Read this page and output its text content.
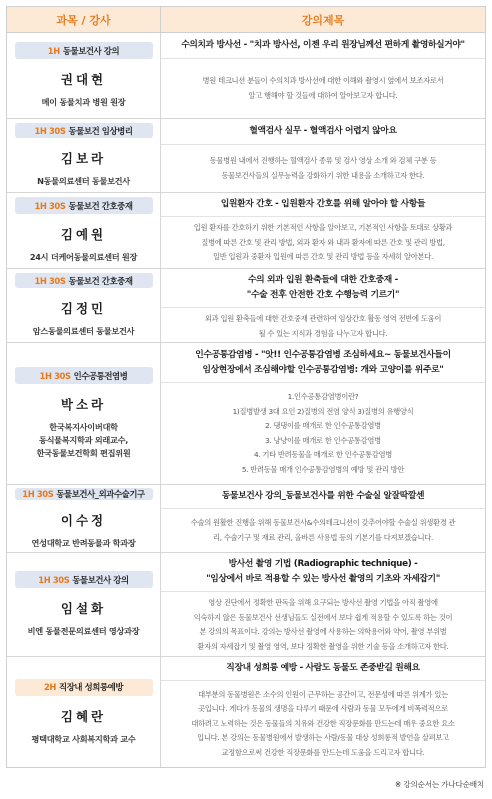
과목 / 강사	강의제목
1H 동물보건사 강의
권대현
메이 동물치과 병원 원장
수의치과 방사선 - "치과 방사선, 이젠 우리 원장님께선 편하게 촬영하실거야"
병원 테크니션 분들이 수의치과 방사선에 대한 이해와 촬영시 옆에서 보조자로서
알고 행해야 할 것들에 대하여 알아보고자 합니다.
1H 30S 동물보건 임상병리
김보라
N동물의료센터 동물보건사
혈액검사 실무 - 혈액검사 어렵지 않아요
동물병원 내에서 진행하는 혈액검사 종류 및 검사 영상 소개 와 검체 구분 등
동물보건사들의 실무능력을 강화하기 위한 내용을 소개하고자 한다.
1H 30S 동물보건 간호중재
김예원
24시 더케어동물의료센터 원장
입원환자 간호 - 입원환자 간호를 위해 알아야 할 사항들
입원 환자를 간호하기 위한 기본적인 사항을 알아보고, 기본적인 사항을 토대로 상황과
질병에 따른 간호 및 관리 방법, 외과 환자 와 내과 환자에 따른 간호 및 관리 방법,
일반 입원과 중환자 입원에 따른 간호 및 관리 방법 등을 자세히 알아본다.
1H 30S 동물보건 간호중재
김정민
암스동물의료센터 동물보건사
수의 외과 입원 환축들에 대한 간호중재 -
"수술 전후 안전한 간호 수행능력 기르기"
외과 입원 환축들에 대한 간호중재 관련하여 임상간호 활동 영역 전반에 도움이
될 수 있는 지식과 경험을 나누고자 합니다.
1H 30S 인수공통전염병
박소라
한국복지사이버대학
동식물복지학과 외래교수,
한국동물보건학회 편집위원
인수공통감염병 - "앗!! 인수공통감염병 조심하세요~ 동물보건사들이
임상현장에서 조심해야할 인수공통감염병: 개와 고양이를 위주로"
1.인수공통감염병이란?
1)질병발생 3대 요인 2)질병의 전염 양식 3)질병의 유행양식
2. 댕댕이를 매개로 한 인수공통감염병
3. 냥냥이를 매개로 한 인수공통감염병
4. 기타 반려동물을 매개로 한 인수공통감염병
5. 반려동물 매개 인수공통감염병의 예방 및 관리 방안
1H 30S 동물보건사_외과수술기구
이수정
연성대학교 반려동물과 학과장
동물보건사 강의_동물보건사를 위한 수술실 알잘딱깔센
수술의 원활한 진행을 위해 동물보건사&수의테크니션이 갖추어야할 수술실 위생환경 관
리, 수술기구 및 재료 관리, 올바른 사용법 등의 기본기를 다져보겠습니다.
1H 30S 동물보건사 강의
임설화
비엔 동물전문의료센터 영상과장
방사선 촬영 기법 (Radiographic technique) -
"임상에서 바로 적용할 수 있는 방사선 촬영의 기초와 자세잡기"
영상 진단에서 정확한 판독을 위해 요구되는 방사선 촬영 기법을 아직 촬영에
익숙하지 않은 동물보건사 선생님들도 실전에서 보다 쉽게 적용할 수 있도록 하는 것이
본 강의의 목표이다. 강의는 방사선 촬영에 사용하는 의학용어와 약어, 촬영 부위별
환자의 자세잡기 및 촬영 영역, 보다 정확한 촬영을 위한 기술 등을 소개하고자 한다.
2H 직장내 성희롱예방
김혜란
평택대학교 사회복지학과 교수
직장내 성희롱 예방 - 사람도 동물도 존중받길 원해요
대부분의 동물병원은 소수의 인원이 근무하는 공간이고, 전문성에 따른 위계가 있는
곳입니다. 게다가 동물의 생명을 다루기 때문에 사람과 동물 모두에게 비폭력적으로
대하려고 노력하는 것은 동물들의 치유와 건강한 직장문화를 만드는데 매우 중요한 요소
입니다. 본 강의는 동물병원에서 발생하는 사람/동물 대상 성희롱적 발언을 살펴보고
교정함으로써 건강한 직장문화를 만드는데 도움을 드리고자 합니다.
※ 강의순서는 가나다순배치
